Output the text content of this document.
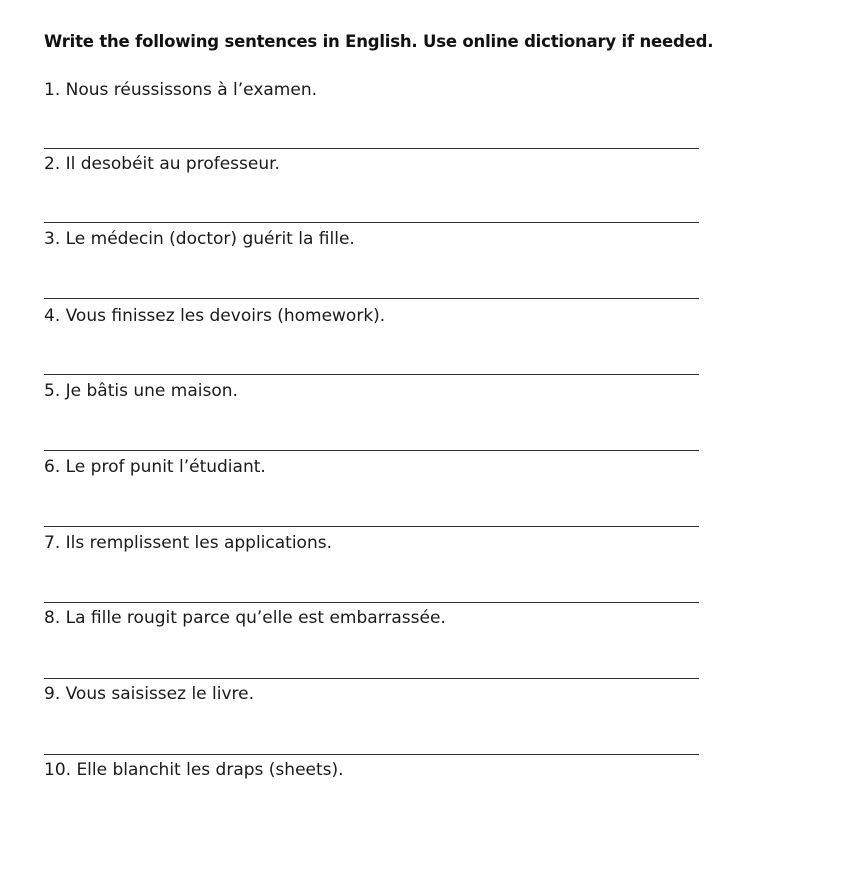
Write the following sentences in English. Use online dictionary if needed.

1. Nous réussissons à l’examen.

2. Il desobéit au professeur.

3. Le médecin (doctor) guérit la fille.

4. Vous finissez les devoirs (homework).

5. Je bâtis une maison.

6. Le prof punit l’étudiant.

7. Ils remplissent les applications.

8. La fille rougit parce qu’elle est embarrassée.

9. Vous saisissez le livre.

10. Elle blanchit les draps (sheets).
